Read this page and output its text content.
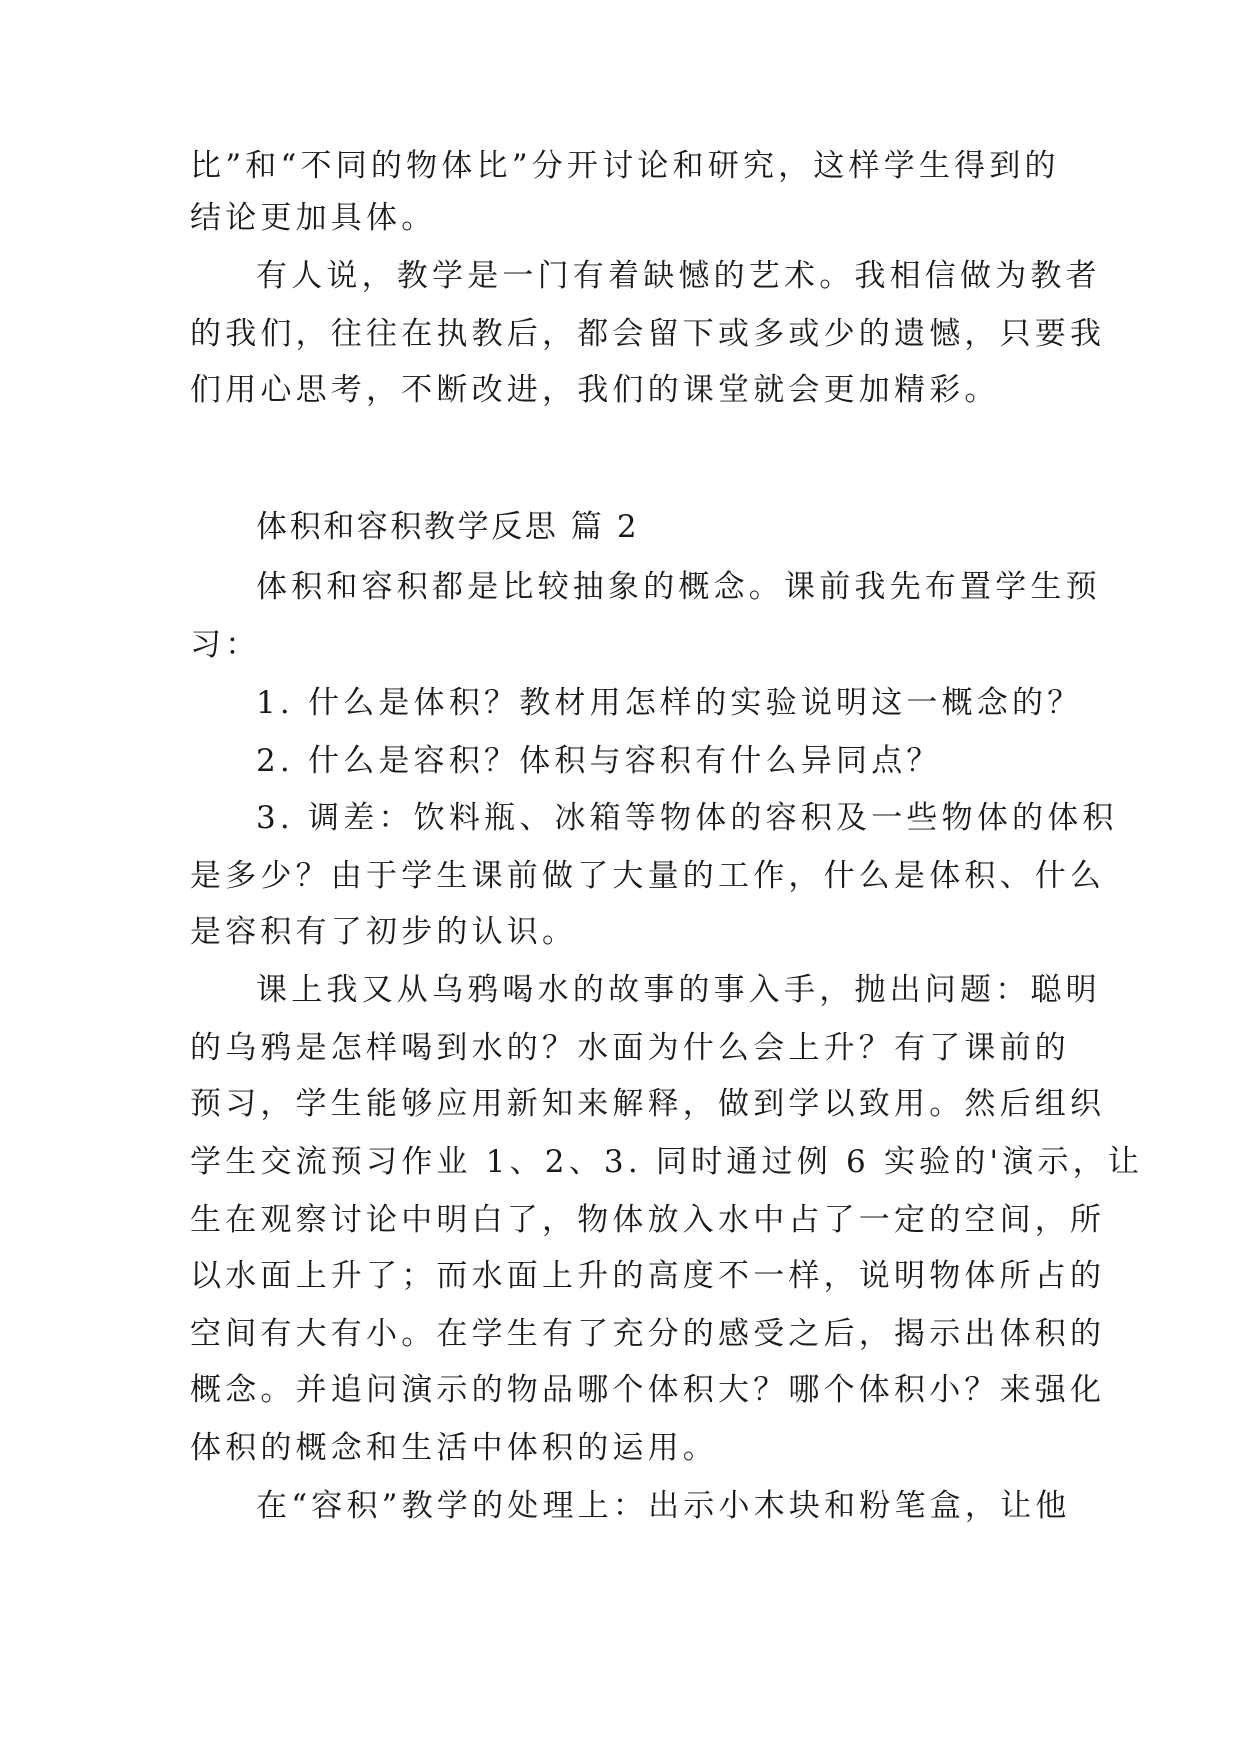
比”和“不同的物体比”分开讨论和研究，这样学生得到的

结论更加具体。

有人说，教学是一门有着缺憾的艺术。我相信做为教者

的我们，往往在执教后，都会留下或多或少的遗憾，只要我

们用心思考，不断改进，我们的课堂就会更加精彩。

体积和容积教学反思 篇 2

体积和容积都是比较抽象的概念。课前我先布置学生预

习：

1. 什么是体积？教材用怎样的实验说明这一概念的？

2. 什么是容积？体积与容积有什么异同点？

3. 调差：饮料瓶、冰箱等物体的容积及一些物体的体积

是多少？由于学生课前做了大量的工作，什么是体积、什么

是容积有了初步的认识。

课上我又从乌鸦喝水的故事的事入手，抛出问题：聪明

的乌鸦是怎样喝到水的？水面为什么会上升？有了课前的

预习，学生能够应用新知来解释，做到学以致用。然后组织

学生交流预习作业 1、2、3. 同时通过例 6 实验的'演示，让

生在观察讨论中明白了，物体放入水中占了一定的空间，所

以水面上升了；而水面上升的高度不一样，说明物体所占的

空间有大有小。在学生有了充分的感受之后，揭示出体积的

概念。并追问演示的物品哪个体积大？哪个体积小？来强化

体积的概念和生活中体积的运用。

在“容积”教学的处理上：出示小木块和粉笔盒，让他
